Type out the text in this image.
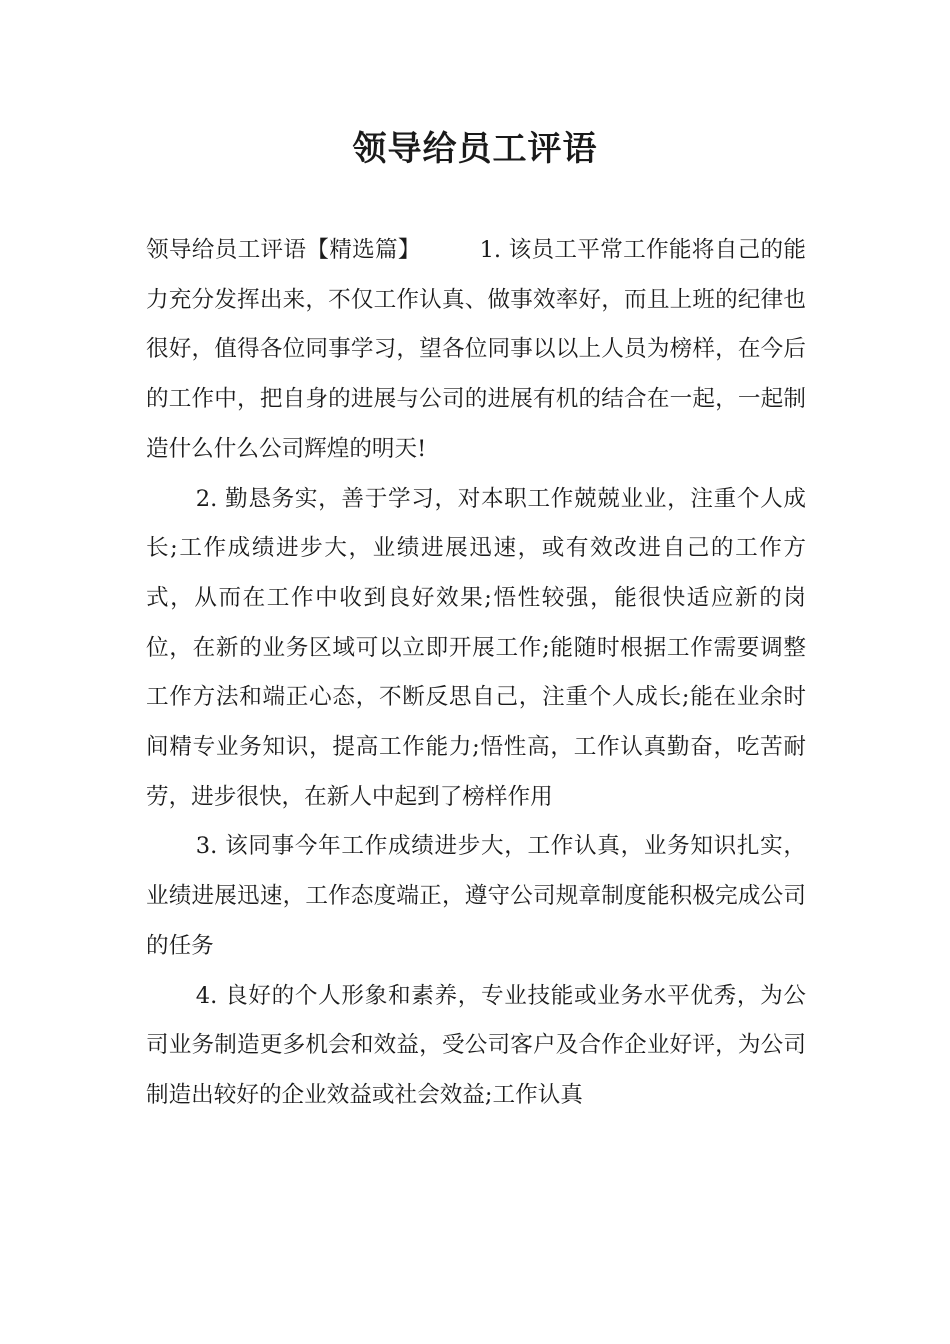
领导给员工评语

领导给员工评语【精选篇】	1. 该员工平常工作能将自己的能力充分发挥出来，不仅工作认真、做事效率好，而且上班的纪律也很好，值得各位同事学习，望各位同事以以上人员为榜样，在今后的工作中，把自身的进展与公司的进展有机的结合在一起，一起制造什么什么公司辉煌的明天!

2. 勤恳务实，善于学习，对本职工作兢兢业业，注重个人成长;工作成绩进步大，业绩进展迅速，或有效改进自己的工作方式，从而在工作中收到良好效果;悟性较强，能很快适应新的岗位，在新的业务区域可以立即开展工作;能随时根据工作需要调整工作方法和端正心态，不断反思自己，注重个人成长;能在业余时间精专业务知识，提高工作能力;悟性高，工作认真勤奋，吃苦耐劳，进步很快，在新人中起到了榜样作用

3. 该同事今年工作成绩进步大，工作认真，业务知识扎实，业绩进展迅速，工作态度端正，遵守公司规章制度能积极完成公司的任务

4. 良好的个人形象和素养，专业技能或业务水平优秀，为公司业务制造更多机会和效益，受公司客户及合作企业好评，为公司制造出较好的企业效益或社会效益;工作认真
